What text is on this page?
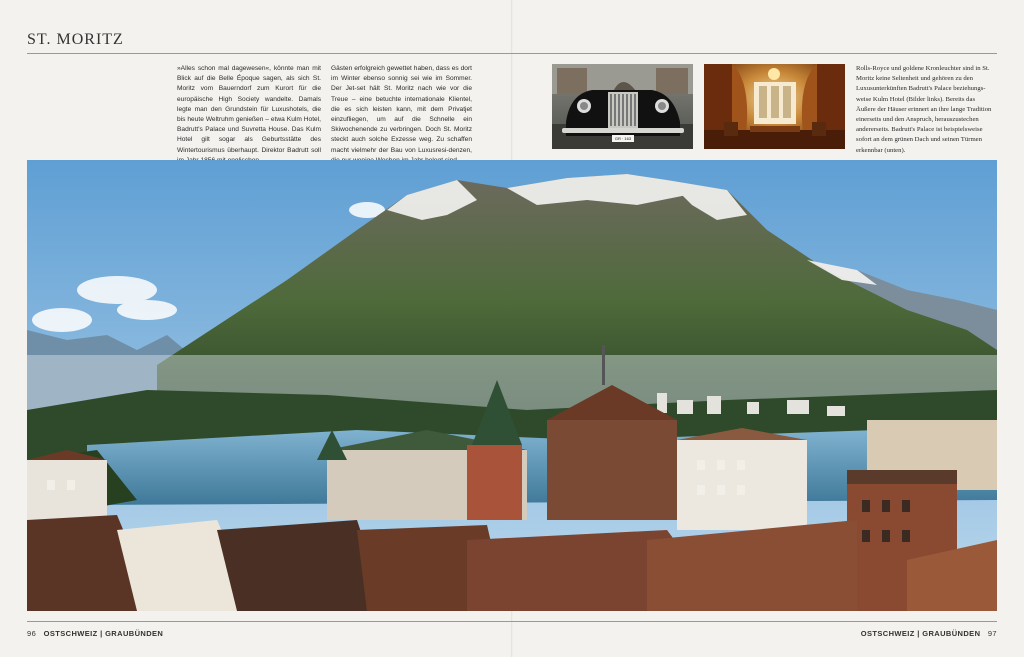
ST. MORITZ
»Alles schon mal dagewesen«, könnte man mit Blick auf die Belle Époque sagen, als sich St. Moritz vom Bauerndorf zum Kurort für die europäische High Society wandelte. Damals legte man den Grundstein für Luxushotels, die bis heute Weltruhm genießen – etwa Kulm Hotel, Badrutt's Palace und Suvretta House. Das Kulm Hotel gilt sogar als Geburtsstätte des Wintertourismus überhaupt. Direktor Badrutt soll
Gästen erfolgreich gewettet haben, dass es dort im Winter ebenso sonnig sei wie im Sommer. Der Jet-set hält St. Moritz nach wie vor die Treue – eine betuchte internationale Klientel, die es sich leisten kann, mit dem Privatjet einzufliegen, um auf die Schnelle ein Skiwochenende zu verbringen. Doch St. Moritz steckt auch solche Exzesse weg. Zu schaffen macht vielmehr der Bau von Luxusresi-denzen,
GR · 163
Rolls-Royce und goldene Kronleuchter sind in St. Moritz keine Seltenheit und gehören zu den Luxusunterkünften Badrutt's Palace beziehungs-weise Kulm Hotel (Bilder links). Bereits das Äußere der Häuser erinnert an ihre lange Tradition einerseits und den Anspruch, herauszustechen andererseits. Badrutt's Palace ist beispielsweise sofort an dem grünen Dach und seinen Türmen erkennbar (unten).
96 OSTSCHWEIZ | GRAUBÜNDEN	OSTSCHWEIZ | GRAUBÜNDEN 97
